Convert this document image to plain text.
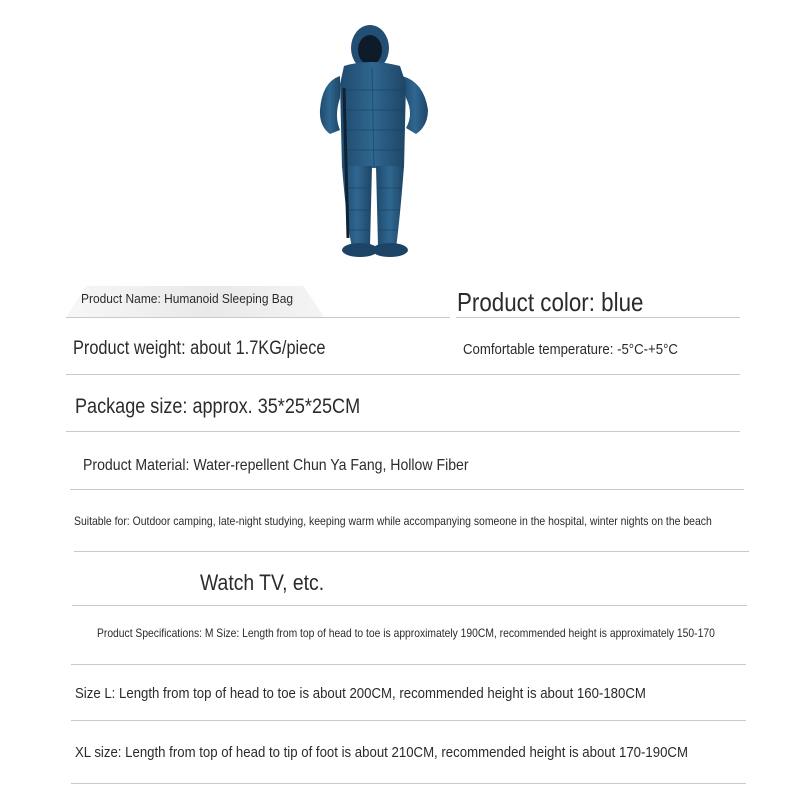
Product Name: Humanoid Sleeping Bag	Product color: blue
Product weight: about 1.7KG/piece	Comfortable temperature: -5°C-+5°C
Package size: approx. 35*25*25CM
Product Material: Water-repellent Chun Ya Fang, Hollow Fiber
Suitable for: Outdoor camping, late-night studying, keeping warm while accompanying someone in the hospital, winter nights on the beach
Watch TV, etc.
Product Specifications: M Size: Length from top of head to toe is approximately 190CM, recommended height is approximately 150-170
Size L: Length from top of head to toe is about 200CM, recommended height is about 160-180CM
XL size: Length from top of head to tip of foot is about 210CM, recommended height is about 170-190CM
